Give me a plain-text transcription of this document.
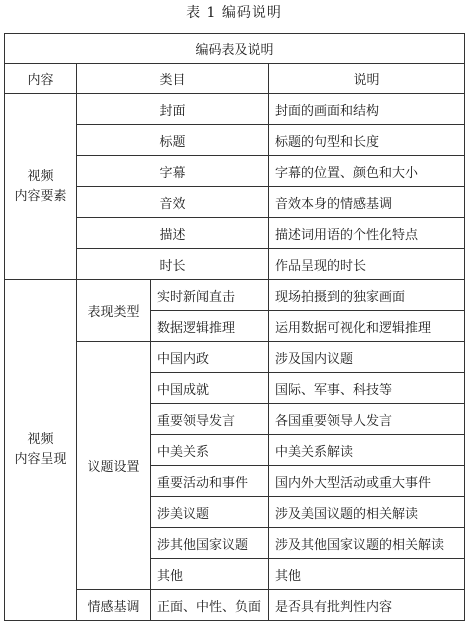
表 1 编码说明
编码表及说明			
内容	类目		说明
视频
内容要素	封面		封面的画面和结构
	标题		标题的句型和长度
	字幕		字幕的位置、颜色和大小
	音效		音效本身的情感基调
	描述		描述词用语的个性化特点
	时长		作品呈现的时长
视频
内容呈现	表现类型	实时新闻直击	现场拍摄到的独家画面
		数据逻辑推理	运用数据可视化和逻辑推理
	议题设置	中国内政	涉及国内议题
		中国成就	国际、军事、科技等
		重要领导发言	各国重要领导人发言
		中美关系	中美关系解读
		重要活动和事件	国内外大型活动或重大事件
		涉美议题	涉及美国议题的相关解读
		涉其他国家议题	涉及其他国家议题的相关解读
		其他	其他
	情感基调	正面、中性、负面	是否具有批判性内容
